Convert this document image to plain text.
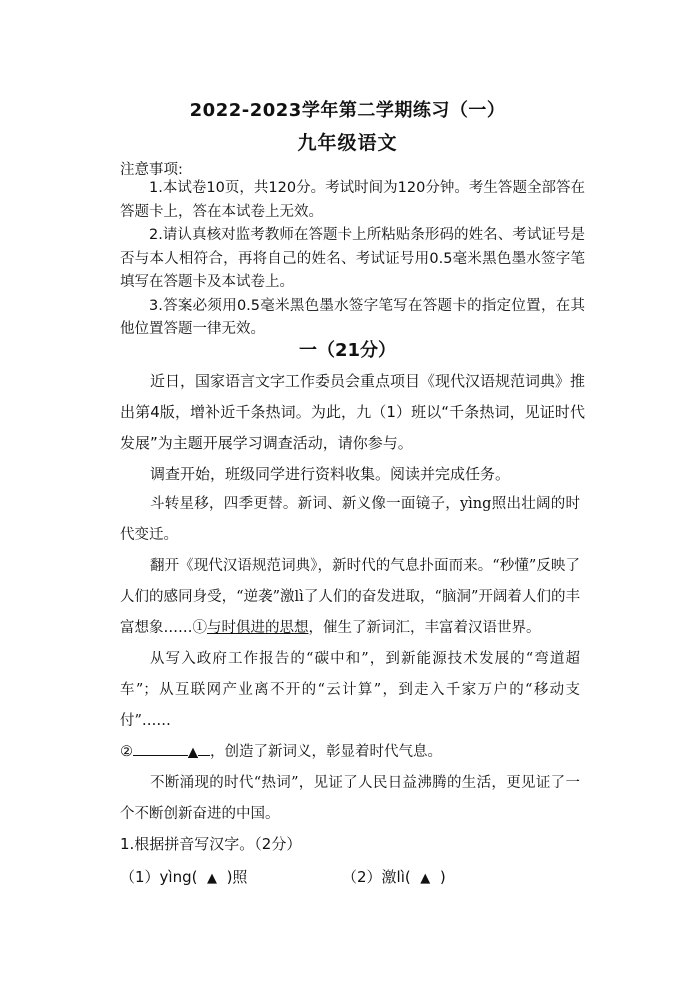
2022-2023学年第二学期练习（一）
九年级语文
注意事项:

1.本试卷10页，共120分。考试时间为120分钟。考生答题全部答在答题卡上，答在本试卷上无效。

2.请认真核对监考教师在答题卡上所粘贴条形码的姓名、考试证号是否与本人相符合，再将自己的姓名、考试证号用0.5毫米黑色墨水签字笔填写在答题卡及本试卷上。

3.答案必须用0.5毫米黑色墨水签字笔写在答题卡的指定位置，在其他位置答题一律无效。

一（21分）

近日，国家语言文字工作委员会重点项目《现代汉语规范词典》推出第4版，增补近千条热词。为此，九（1）班以“千条热词，见证时代发展”为主题开展学习调查活动，请你参与。

调查开始，班级同学进行资料收集。阅读并完成任务。

斗转星移，四季更替。新词、新义像一面镜子，yìng照出壮阔的时代变迁。

翻开《现代汉语规范词典》，新时代的气息扑面而来。“秒懂”反映了人们的感同身受，“逆袭”激lì了人们的奋发进取，“脑洞”开阔着人们的丰富想象……①与时俱进的思想，催生了新词汇，丰富着汉语世界。

从写入政府工作报告的“碳中和”，到新能源技术发展的“弯道超车”；从互联网产业离不开的“云计算”，到走入千家万户的“移动支付”……

②	▲ ，创造了新词义，彰显着时代气息。

不断涌现的时代“热词”，见证了人民日益沸腾的生活，更见证了一个不断创新奋进的中国。

1.根据拼音写汉字。（2分）
（1）yìng( ▲ )照	（2）激lì( ▲ )
